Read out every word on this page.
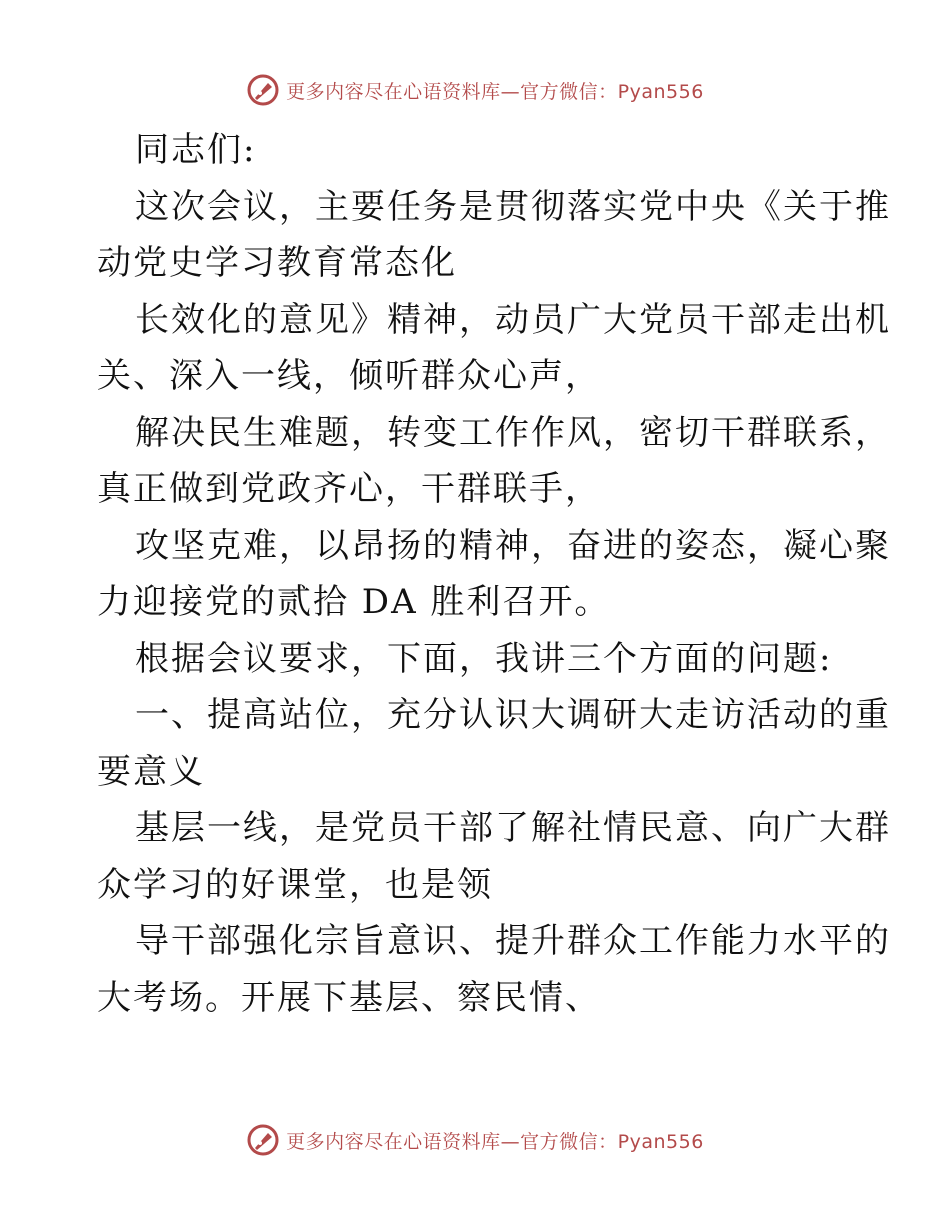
更多内容尽在心语资料库—官方微信：Pyan556
同志们:
这次会议，主要任务是贯彻落实党中央《关于推
动党史学习教育常态化
长效化的意见》精神，动员广大党员干部走出机
关、深入一线，倾听群众心声，
解决民生难题，转变工作作风，密切干群联系，
真正做到党政齐心，干群联手，
攻坚克难，以昂扬的精神，奋进的姿态，凝心聚
力迎接党的贰拾 DA 胜利召开。
根据会议要求，下面，我讲三个方面的问题:
一、提高站位，充分认识大调研大走访活动的重
要意义
基层一线，是党员干部了解社情民意、向广大群
众学习的好课堂，也是领
导干部强化宗旨意识、提升群众工作能力水平的
大考场。开展下基层、察民情、
更多内容尽在心语资料库—官方微信：Pyan556
